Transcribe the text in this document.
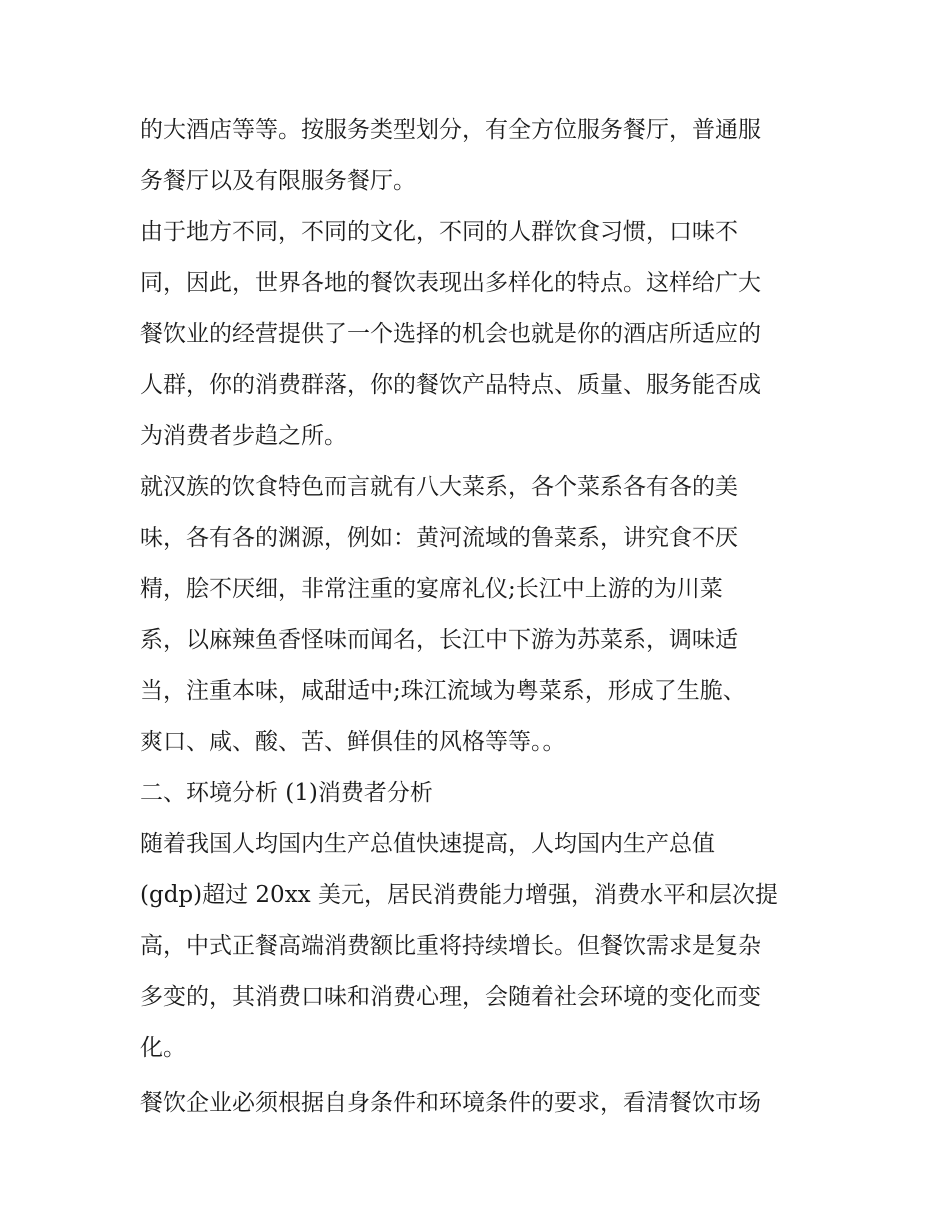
的大酒店等等。按服务类型划分，有全方位服务餐厅，普通服
务餐厅以及有限服务餐厅。
由于地方不同，不同的文化，不同的人群饮食习惯，口味不
同，因此，世界各地的餐饮表现出多样化的特点。这样给广大
餐饮业的经营提供了一个选择的机会也就是你的酒店所适应的
人群，你的消费群落，你的餐饮产品特点、质量、服务能否成
为消费者步趋之所。
就汉族的饮食特色而言就有八大菜系，各个菜系各有各的美
味，各有各的渊源，例如：黄河流域的鲁菜系，讲究食不厌
精，脍不厌细，非常注重的宴席礼仪;长江中上游的为川菜
系，以麻辣鱼香怪味而闻名，长江中下游为苏菜系，调味适
当，注重本味，咸甜适中;珠江流域为粤菜系，形成了生脆、
爽口、咸、酸、苦、鲜俱佳的风格等等。。
二、环境分析 (1)消费者分析
随着我国人均国内生产总值快速提高，人均国内生产总值
(gdp)超过 20xx 美元，居民消费能力增强，消费水平和层次提
高，中式正餐高端消费额比重将持续增长。但餐饮需求是复杂
多变的，其消费口味和消费心理，会随着社会环境的变化而变
化。
餐饮企业必须根据自身条件和环境条件的要求，看清餐饮市场
